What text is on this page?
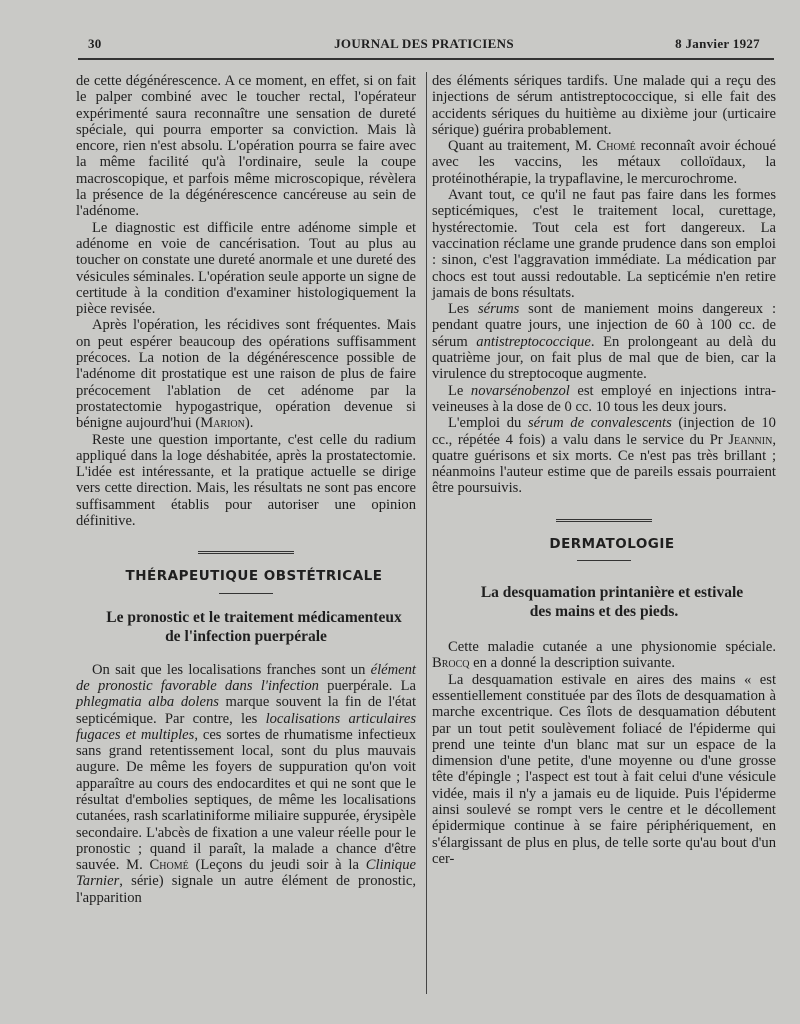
30	JOURNAL DES PRATICIENS	8 Janvier 1927

de cette dégénérescence. A ce moment, en effet, si on fait le palper combiné avec le toucher rectal, l'opérateur expérimenté saura reconnaître une sensation de dureté spéciale, qui pourra emporter sa conviction. Mais là encore, rien n'est absolu. L'opération pourra se faire avec la même facilité qu'à l'ordinaire, seule la coupe macroscopique, et parfois même microscopique, révèlera la présence de la dégénérescence cancéreuse au sein de l'adénome.

Le diagnostic est difficile entre adénome simple et adénome en voie de cancérisation. Tout au plus au toucher on constate une dureté anormale et une dureté des vésicules séminales. L'opération seule apporte un signe de certitude à la condition d'examiner histologiquement la pièce revisée.

Après l'opération, les récidives sont fréquentes. Mais on peut espérer beaucoup des opérations suffisamment précoces. La notion de la dégénérescence possible de l'adénome dit prostatique est une raison de plus de faire précocement l'ablation de cet adénome par la prostatectomie hypogastrique, opération devenue si bénigne aujourd'hui (Marion).

Reste une question importante, c'est celle du radium appliqué dans la loge déshabitée, après la prostatectomie. L'idée est intéressante, et la pratique actuelle se dirige vers cette direction. Mais, les résultats ne sont pas encore suffisamment établis pour autoriser une opinion définitive.

THÉRAPEUTIQUE OBSTÉTRICALE

Le pronostic et le traitement médicamenteux
de l'infection puerpérale

On sait que les localisations franches sont un élément de pronostic favorable dans l'infection puerpérale. La phlegmatia alba dolens marque souvent la fin de l'état septicémique. Par contre, les localisations articulaires fugaces et multiples, ces sortes de rhumatisme infectieux sans grand retentissement local, sont du plus mauvais augure. De même les foyers de suppuration qu'on voit apparaître au cours des endocardites et qui ne sont que le résultat d'embolies septiques, de même les localisations cutanées, rash scarlatiniforme miliaire suppurée, érysipèle secondaire. L'abcès de fixation a une valeur réelle pour le pronostic ; quand il paraît, la malade a chance d'être sauvée. M. Chomé (Leçons du jeudi soir à la Clinique Tarnier, série) signale un autre élément de pronostic, l'apparition

des éléments sériques tardifs. Une malade qui a reçu des injections de sérum antistreptococcique, si elle fait des accidents sériques du huitième au dixième jour (urticaire sérique) guérira probablement.

Quant au traitement, M. Chomé reconnaît avoir échoué avec les vaccins, les métaux colloïdaux, la protéinothérapie, la trypaflavine, le mercurochrome.

Avant tout, ce qu'il ne faut pas faire dans les formes septicémiques, c'est le traitement local, curettage, hystérectomie. Tout cela est fort dangereux. La vaccination réclame une grande prudence dans son emploi : sinon, c'est l'aggravation immédiate. La médication par chocs est tout aussi redoutable. La septicémie n'en retire jamais de bons résultats.

Les sérums sont de maniement moins dangereux : pendant quatre jours, une injection de 60 à 100 cc. de sérum antistreptococcique. En prolongeant au delà du quatrième jour, on fait plus de mal que de bien, car la virulence du streptocoque augmente.

Le novarsénobenzol est employé en injections intra-veineuses à la dose de 0 cc. 10 tous les deux jours.

L'emploi du sérum de convalescents (injection de 10 cc., répétée 4 fois) a valu dans le service du Pr Jeannin, quatre guérisons et six morts. Ce n'est pas très brillant ; néanmoins l'auteur estime que de pareils essais pourraient être poursuivis.

DERMATOLOGIE

La desquamation printanière et estivale
des mains et des pieds.

Cette maladie cutanée a une physionomie spéciale. Brocq en a donné la description suivante.

La desquamation estivale en aires des mains « est essentiellement constituée par des îlots de desquamation à marche excentrique. Ces îlots de desquamation débutent par un tout petit soulèvement foliacé de l'épiderme qui prend une teinte d'un blanc mat sur un espace de la dimension d'une petite, d'une moyenne ou d'une grosse tête d'épingle ; l'aspect est tout à fait celui d'une vésicule vidée, mais il n'y a jamais eu de liquide. Puis l'épiderme ainsi soulevé se rompt vers le centre et le décollement épidermique continue à se faire périphériquement, en s'élargissant de plus en plus, de telle sorte qu'au bout d'un cer-
